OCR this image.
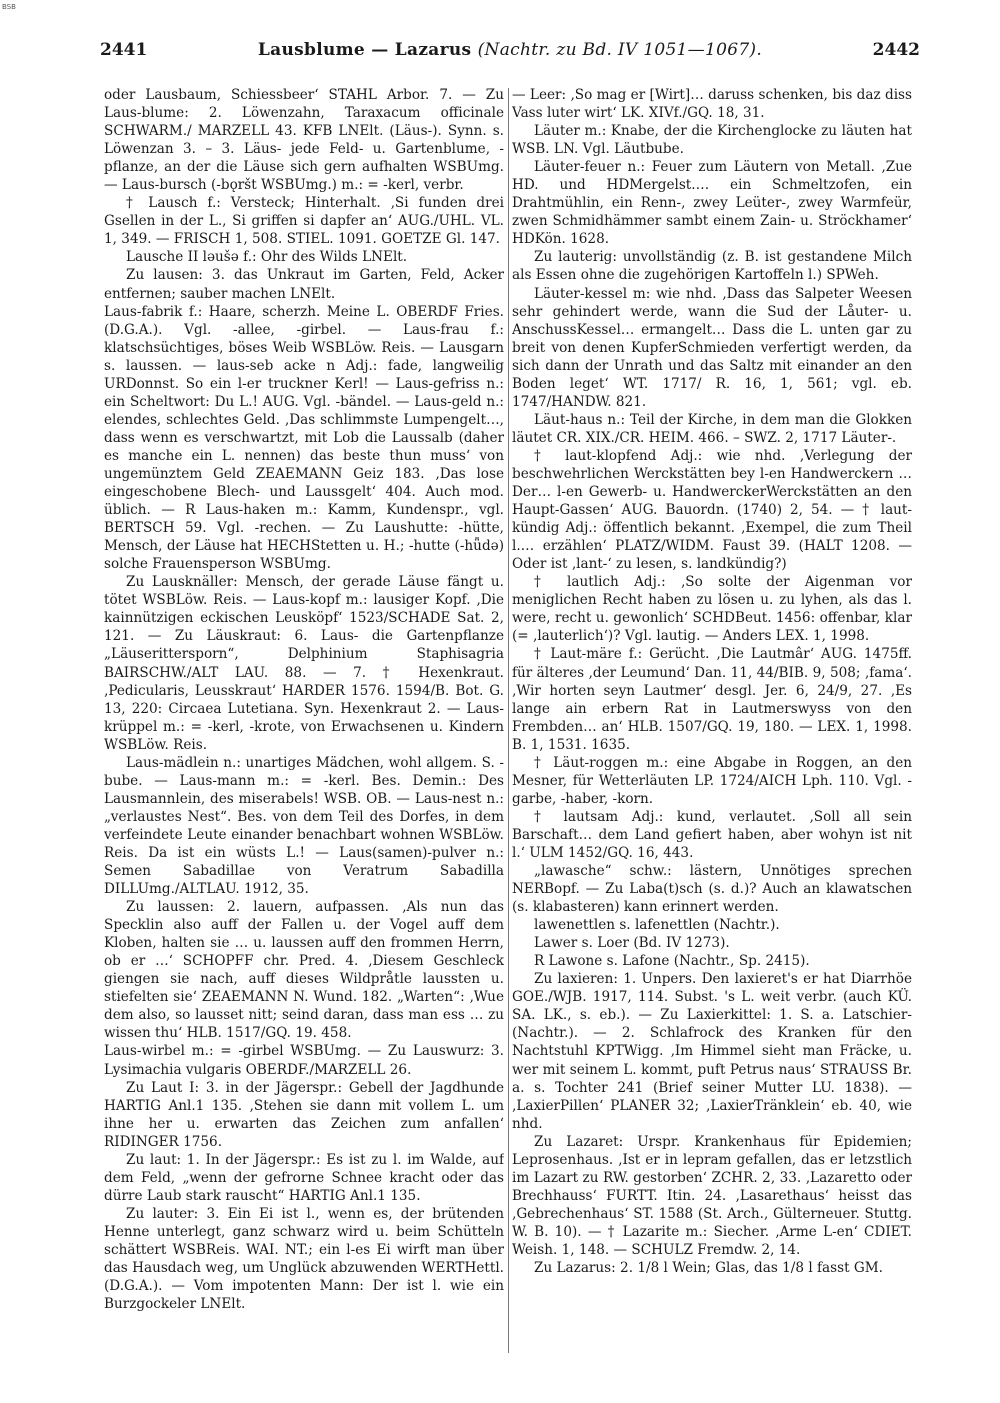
BSB
2441	Lausblume — Lazarus (Nachtr. zu Bd. IV 1051—1067).	2442

oder Lausbaum, Schiessbeer‘ STAHL Arbor. 7. — Zu Laus-blume: 2. Löwenzahn, Taraxacum officinale SCHWARM./ MARZELL 43. KFB LNElt. (Läus-). Synn. s. Löwenzan 3. – 3. Läus- jede Feld- u. Gartenblume, -pflanze, an der die Läuse sich gern aufhalten WSBUmg. — Laus-bursch (-bǫršt WSBUmg.) m.: = -kerl, verbr.

† Lausch f.: Versteck; Hinterhalt. ‚Si funden drei Gsellen in der L., Si griffen si dapfer an‘ AUG./UHL. VL. 1, 349. — FRISCH 1, 508. STIEL. 1091. GOETZE Gl. 147.

Lausche II ləušə f.: Ohr des Wilds LNElt.

Zu lausen: 3. das Unkraut im Garten, Feld, Acker entfernen; sauber machen LNElt.

Laus-fabrik f.: Haare, scherzh. Meine L. OBERDF Fries. (D.G.A.). Vgl. -allee, -girbel. — Laus-frau f.: klatschsüchtiges, böses Weib WSBLöw. Reis. — Lausgarn s. laussen. — laus-seb acke n Adj.: fade, langweilig URDonnst. So ein l-er truckner Kerl! — Laus-gefriss n.: ein Scheltwort: Du L.! AUG. Vgl. -bändel. — Laus-geld n.: elendes, schlechtes Geld. ‚Das schlimmste Lumpengelt…, dass wenn es verschwartzt, mit Lob die Laussalb (daher es manche ein L. nennen) das beste thun muss‘ von ungemünztem Geld ZEAEMANN Geiz 183. ‚Das lose eingeschobene Blech- und Laussgelt‘ 404. Auch mod. üblich. — R Laus-haken m.: Kamm, Kundenspr., vgl. BERTSCH 59. Vgl. -rechen. — Zu Laushutte: -hütte, Mensch, der Läuse hat HECHStetten u. H.; -hutte (-hǖdə) solche Frauensperson WSBUmg.

Zu Lausknäller: Mensch, der gerade Läuse fängt u. tötet WSBLöw. Reis. — Laus-kopf m.: lausiger Kopf. ‚Die kainnützigen eckischen Leusköpf‘ 1523/SCHADE Sat. 2, 121. — Zu Läuskraut: 6. Laus- die Gartenpflanze „Läuserittersporn“, Delphinium Staphisagria BAIRSCHW./ALT LAU. 88. — 7. † Hexenkraut. ‚Pedicularis, Leusskraut‘ HARDER 1576. 1594/B. Bot. G. 13, 220: Circaea Lutetiana. Syn. Hexenkraut 2. — Laus-krüppel m.: = -kerl, -krote, von Erwachsenen u. Kindern WSBLöw. Reis.

Laus-mädlein n.: unartiges Mädchen, wohl allgem. S. -bube. — Laus-mann m.: = -kerl. Bes. Demin.: Des Lausmannlein, des miserabels! WSB. OB. — Laus-nest n.: „verlaustes Nest“. Bes. von dem Teil des Dorfes, in dem verfeindete Leute einander benachbart wohnen WSBLöw. Reis. Da ist ein wüsts L.! — Laus(samen)-pulver n.: Semen Sabadillae von Veratrum Sabadilla DILLUmg./ALTLAU. 1912, 35.

Zu laussen: 2. lauern, aufpassen. ‚Als nun das Specklin also auff der Fallen u. der Vogel auff dem Kloben, halten sie … u. laussen auff den frommen Herrn, ob er …‘ SCHOPFF chr. Pred. 4. ‚Diesem Geschleck giengen sie nach, auff dieses Wildpråtle laussten u. stiefelten sie‘ ZEAEMANN N. Wund. 182. „Warten“: ‚Wue dem also, so lausset nitt; seind daran, dass man ess … zu wissen thu‘ HLB. 1517/GQ. 19. 458.

Laus-wirbel m.: = -girbel WSBUmg. — Zu Lauswurz: 3. Lysimachia vulgaris OBERDF./MARZELL 26.

Zu Laut I: 3. in der Jägerspr.: Gebell der Jagdhunde HARTIG Anl.1 135. ‚Stehen sie dann mit vollem L. um ihne her u. erwarten das Zeichen zum anfallen‘ RIDINGER 1756.

Zu laut: 1. In der Jägerspr.: Es ist zu l. im Walde, auf dem Feld, „wenn der gefrorne Schnee kracht oder das dürre Laub stark rauscht“ HARTIG Anl.1 135.

Zu lauter: 3. Ein Ei ist l., wenn es, der brütenden Henne unterlegt, ganz schwarz wird u. beim Schütteln schättert WSBReis. WAI. NT.; ein l-es Ei wirft man über das Hausdach weg, um Unglück abzuwenden WERTHettl. (D.G.A.). — Vom impotenten Mann: Der ist l. wie ein Burzgockeler LNElt.

— Leer: ‚So mag er [Wirt]… daruss schenken, bis daz diss Vass luter wirt‘ LK. XIVf./GQ. 18, 31.

Läuter m.: Knabe, der die Kirchenglocke zu läuten hat WSB. LN. Vgl. Läutbube.

Läuter-feuer n.: Feuer zum Läutern von Metall. ‚Zue HD. und HDMergelst.… ein Schmeltzofen, ein Drahtmühlin, ein Renn-, zwey Leüter-, zwey Warmfeür, zwen Schmidhämmer sambt einem Zain- u. Ströckhamer‘ HDKön. 1628.

Zu lauterig: unvollständig (z. B. ist gestandene Milch als Essen ohne die zugehörigen Kartoffeln l.) SPWeh.

Läuter-kessel m: wie nhd. ‚Dass das Salpeter Weesen sehr gehindert werde, wann die Sud der Låuter- u. AnschussKessel… ermangelt… Dass die L. unten gar zu breit von denen KupferSchmieden verfertigt werden, da sich dann der Unrath und das Saltz mit einander an den Boden leget‘ WT. 1717/ R. 16, 1, 561; vgl. eb. 1747/HANDW. 821.

Läut-haus n.: Teil der Kirche, in dem man die Glokken läutet CR. XIX./CR. HEIM. 466. – SWZ. 2, 1717 Läuter-.

† laut-klopfend Adj.: wie nhd. ‚Verlegung der beschwehrlichen Werckstätten bey l-en Handwerckern … Der… l-en Gewerb- u. HandwerckerWerckstätten an den Haupt-Gassen‘ AUG. Bauordn. (1740) 2, 54. — † laut-kündig Adj.: öffentlich bekannt. ‚Exempel, die zum Theil l.… erzählen‘ PLATZ/WIDM. Faust 39. (HALT 1208. — Oder ist ‚lant-‘ zu lesen, s. landkündig?)

† lautlich Adj.: ‚So solte der Aigenman vor meniglichen Recht haben zu lösen u. zu lyhen, als das l. were, recht u. gewonlich‘ SCHDBeut. 1456: offenbar, klar (= ‚lauterlich‘)? Vgl. lautig. — Anders LEX. 1, 1998.

† Laut-märe f.: Gerücht. ‚Die Lautmâr‘ AUG. 1475ff. für älteres ‚der Leumund‘ Dan. 11, 44/BIB. 9, 508; ‚fama‘. ‚Wir horten seyn Lautmer‘ desgl. Jer. 6, 24/9, 27. ‚Es lange ain erbern Rat in Lautmerswyss von den Frembden… an‘ HLB. 1507/GQ. 19, 180. — LEX. 1, 1998. B. 1, 1531. 1635.

† Läut-roggen m.: eine Abgabe in Roggen, an den Mesner, für Wetterläuten LP. 1724/AICH Lph. 110. Vgl. -garbe, -haber, -korn.

† lautsam Adj.: kund, verlautet. ‚Soll all sein Barschaft… dem Land gefiert haben, aber wohyn ist nit l.‘ ULM 1452/GQ. 16, 443.

„lawasche“ schw.: lästern, Unnötiges sprechen NERBopf. — Zu Laba(t)sch (s. d.)? Auch an klawatschen (s. klabasteren) kann erinnert werden.

lawenettlen s. lafenettlen (Nachtr.).

Lawer s. Loer (Bd. IV 1273).

R Lawone s. Lafone (Nachtr., Sp. 2415).

Zu laxieren: 1. Unpers. Den laxieret's er hat Diarrhöe GOE./WJB. 1917, 114. Subst. 's L. weit verbr. (auch KÜ. SA. LK., s. eb.). — Zu Laxierkittel: 1. S. a. Latschier- (Nachtr.). — 2. Schlafrock des Kranken für den Nachtstuhl KPTWigg. ‚Im Himmel sieht man Fräcke, u. wer mit seinem L. kommt, puft Petrus naus‘ STRAUSS Br. a. s. Tochter 241 (Brief seiner Mutter LU. 1838). — ‚LaxierPillen‘ PLANER 32; ‚LaxierTränklein‘ eb. 40, wie nhd.

Zu Lazaret: Urspr. Krankenhaus für Epidemien; Leprosenhaus. ‚Ist er in lepram gefallen, das er letzstlich im Lazart zu RW. gestorben‘ ZCHR. 2, 33. ‚Lazaretto oder Brechhauss‘ FURTT. Itin. 24. ‚Lasarethaus‘ heisst das ‚Gebrechenhaus‘ ST. 1588 (St. Arch., Gülterneuer. Stuttg. W. B. 10). — † Lazarite m.: Siecher. ‚Arme L-en‘ CDIET. Weish. 1, 148. — SCHULZ Fremdw. 2, 14.

Zu Lazarus: 2. 1/8 l Wein; Glas, das 1/8 l fasst GM.
